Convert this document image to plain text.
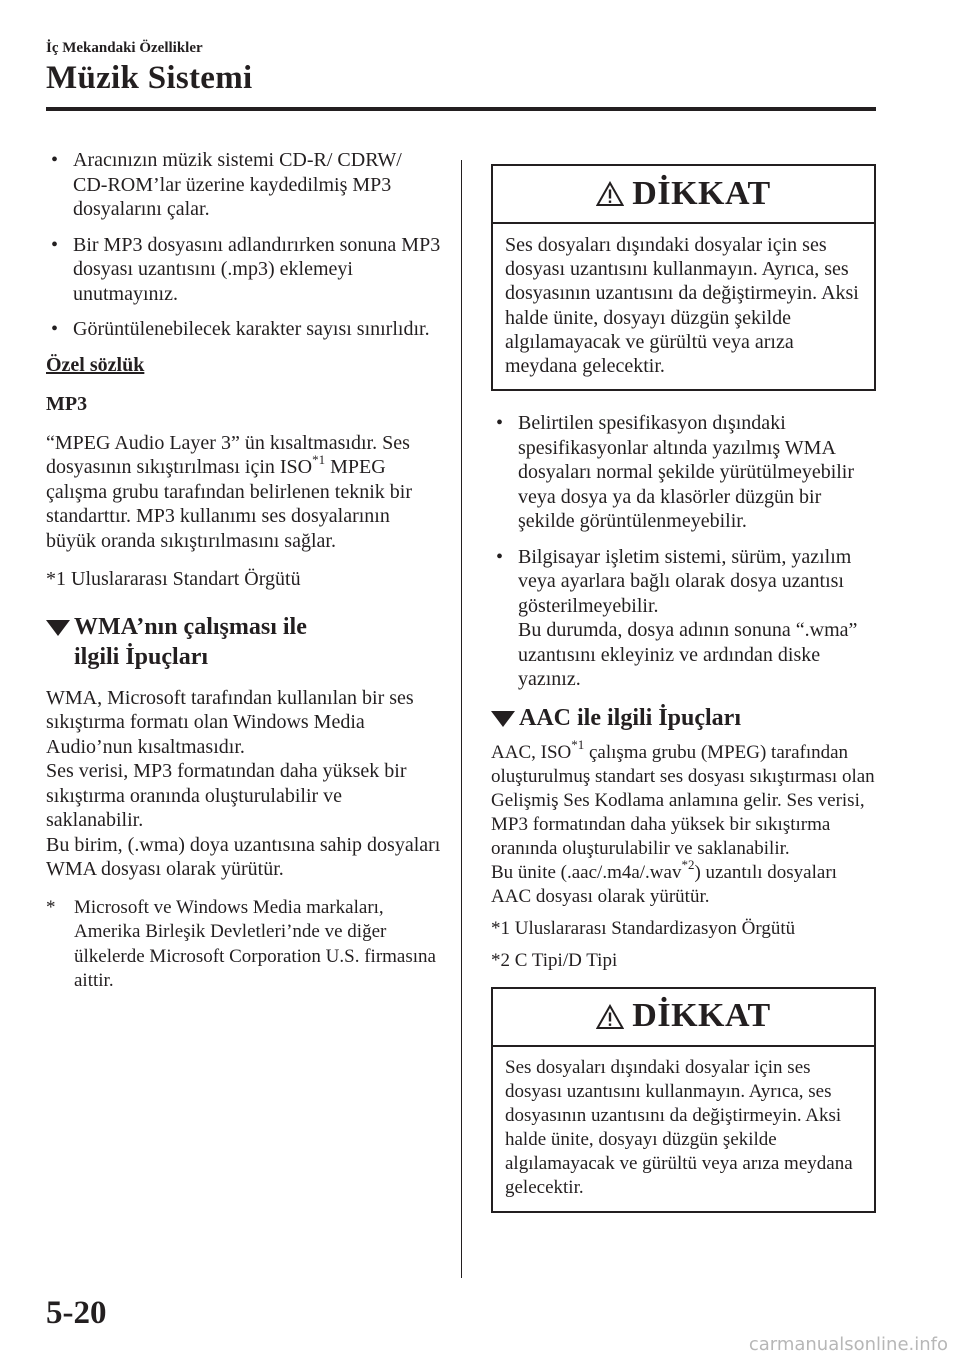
İç Mekandaki Özellikler
Müzik Sistemi

• Aracınızın müzik sistemi CD-R/ CDRW/ CD-ROM’lar üzerine kaydedilmiş MP3 dosyalarını çalar.

• Bir MP3 dosyasını adlandırırken sonuna MP3 dosyası uzantısını (.mp3) eklemeyi unutmayınız.

• Görüntülenebilecek karakter sayısı sınırlıdır.

Özel sözlük

MP3

“MPEG Audio Layer 3” ün kısaltmasıdır. Ses dosyasının sıkıştırılması için ISO$^{*1}$ MPEG çalışma grubu tarafından belirlenen teknik bir standarttır. MP3 kullanımı ses dosyalarının büyük oranda sıkıştırılmasını sağlar.

*1 Uluslararası Standart Örgütü

WMA’nın çalışması ile
ilgili İpuçları

WMA, Microsoft tarafından kullanılan bir ses sıkıştırma formatı olan Windows Media Audio’nun kısaltmasıdır.

Ses verisi, MP3 formatından daha yüksek bir sıkıştırma oranında oluşturulabilir ve saklanabilir.

Bu birim, (.wma) doya uzantısına sahip dosyaları WMA dosyası olarak yürütür.

* Microsoft ve Windows Media markaları, Amerika Birleşik Devletleri’nde ve diğer ülkelerde Microsoft Corporation U.S. firmasına aittir.

DİKKAT
Ses dosyaları dışındaki dosyalar için ses dosyası uzantısını kullanmayın. Ayrıca, ses dosyasının uzantısını da değiştirmeyin. Aksi halde ünite, dosyayı düzgün şekilde algılamayacak ve gürültü veya arıza meydana gelecektir.

• Belirtilen spesifikasyon dışındaki spesifikasyonlar altında yazılmış WMA dosyaları normal şekilde yürütülmeyebilir veya dosya ya da klasörler düzgün bir şekilde görüntülenmeyebilir.

• Bilgisayar işletim sistemi, sürüm, yazılım veya ayarlara bağlı olarak dosya uzantısı gösterilmeyebilir.
Bu durumda, dosya adının sonuna “.wma” uzantısını ekleyiniz ve ardından diske yazınız.

AAC ile ilgili İpuçları

AAC, ISO$^{*1}$ çalışma grubu (MPEG) tarafından oluşturulmuş standart ses dosyası sıkıştırması olan Gelişmiş Ses Kodlama anlamına gelir. Ses verisi, MP3 formatından daha yüksek bir sıkıştırma oranında oluşturulabilir ve saklanabilir.

Bu ünite (.aac/.m4a/.wav$^{*2}$) uzantılı dosyaları AAC dosyası olarak yürütür.

*1 Uluslararası Standardizasyon Örgütü

*2 C Tipi/D Tipi

DİKKAT
Ses dosyaları dışındaki dosyalar için ses dosyası uzantısını kullanmayın. Ayrıca, ses dosyasının uzantısını da değiştirmeyin. Aksi halde ünite, dosyayı düzgün şekilde algılamayacak ve gürültü veya arıza meydana gelecektir.
5-20
carmanualsonline.info
